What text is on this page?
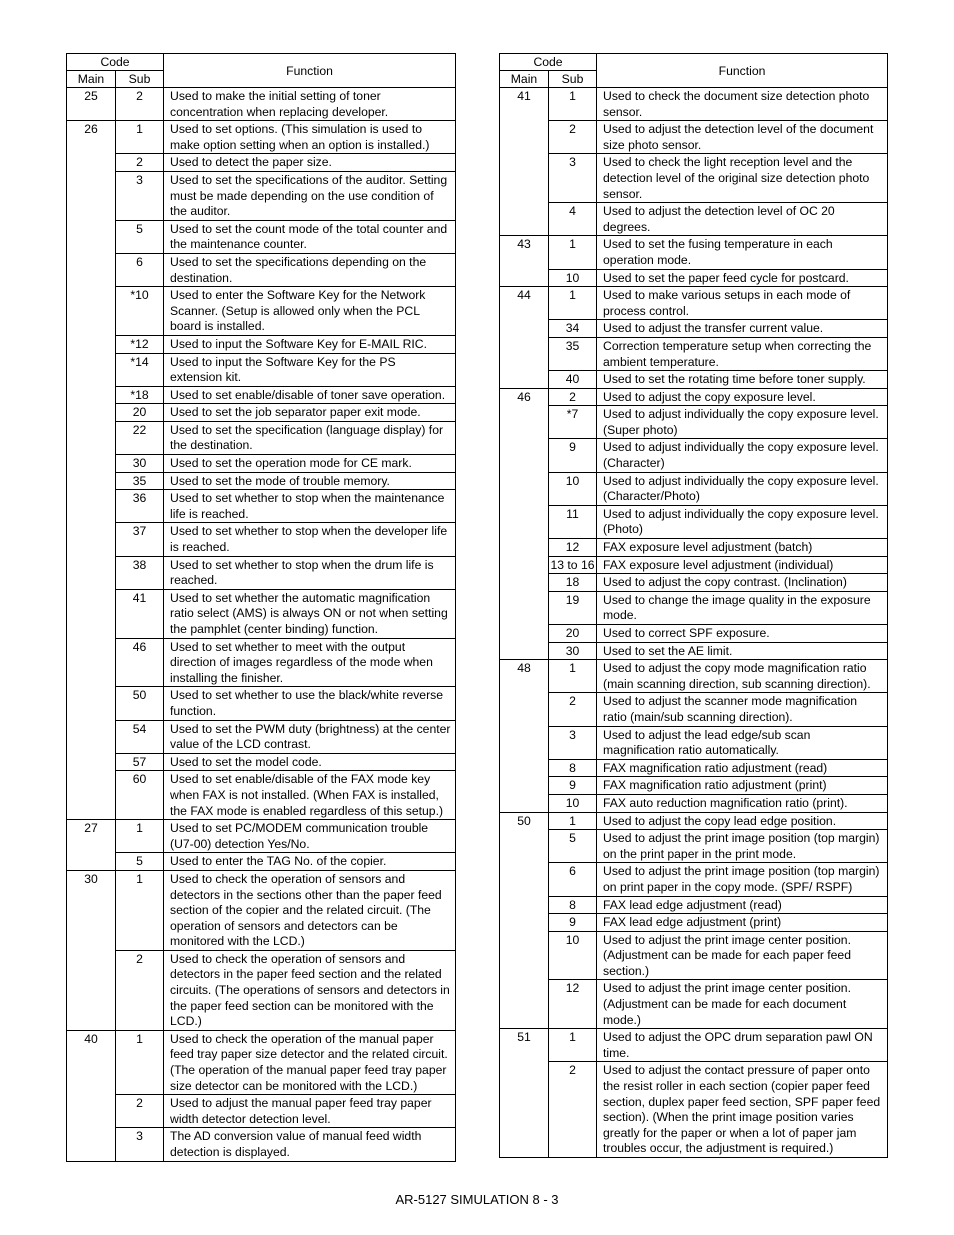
Code		Function
Main	Sub	
25	2	Used to make the initial setting of toner concentration when replacing developer.
26	1	Used to set options. (This simulation is used to make option setting when an option is installed.)
	2	Used to detect the paper size.
	3	Used to set the specifications of the auditor. Setting must be made depending on the use condition of the auditor.
	5	Used to set the count mode of the total counter and the maintenance counter.
	6	Used to set the specifications depending on the destination.
	*10	Used to enter the Software Key for the Network Scanner. (Setup is allowed only when the PCL board is installed.
	*12	Used to input the Software Key for E-MAIL RIC.
	*14	Used to input the Software Key for the PS extension kit.
	*18	Used to set enable/disable of toner save operation.
	20	Used to set the job separator paper exit mode.
	22	Used to set the specification (language display) for the destination.
	30	Used to set the operation mode for CE mark.
	35	Used to set the mode of trouble memory.
	36	Used to set whether to stop when the maintenance life is reached.
	37	Used to set whether to stop when the developer life is reached.
	38	Used to set whether to stop when the drum life is reached.
	41	Used to set whether the automatic magnification ratio select (AMS) is always ON or not when setting the pamphlet (center binding) function.
	46	Used to set whether to meet with the output direction of images regardless of the mode when installing the finisher.
	50	Used to set whether to use the black/white reverse function.
	54	Used to set the PWM duty (brightness) at the center value of the LCD contrast.
	57	Used to set the model code.
	60	Used to set enable/disable of the FAX mode key when FAX is not installed. (When FAX is installed, the FAX mode is enabled regardless of this setup.)
27	1	Used to set PC/MODEM communication trouble (U7-00) detection Yes/No.
	5	Used to enter the TAG No. of the copier.
30	1	Used to check the operation of sensors and detectors in the sections other than the paper feed section of the copier and the related circuit. (The operation of sensors and detectors can be monitored with the LCD.)
	2	Used to check the operation of sensors and detectors in the paper feed section and the related circuits. (The operations of sensors and detectors in the paper feed section can be monitored with the LCD.)
40	1	Used to check the operation of the manual paper feed tray paper size detector and the related circuit. (The operation of the manual paper feed tray paper size detector can be monitored with the LCD.)
	2	Used to adjust the manual paper feed tray paper width detector detection level.
	3	The AD conversion value of manual feed width detection is displayed.
Code		Function
Main	Sub	
41	1	Used to check the document size detection photo sensor.
	2	Used to adjust the detection level of the document size photo sensor.
	3	Used to check the light reception level and the detection level of the original size detection photo sensor.
	4	Used to adjust the detection level of OC 20 degrees.
43	1	Used to set the fusing temperature in each operation mode.
	10	Used to set the paper feed cycle for postcard.
44	1	Used to make various setups in each mode of process control.
	34	Used to adjust the transfer current value.
	35	Correction temperature setup when correcting the ambient temperature.
	40	Used to set the rotating time before toner supply.
46	2	Used to adjust the copy exposure level.
	*7	Used to adjust individually the copy exposure level. (Super photo)
	9	Used to adjust individually the copy exposure level. (Character)
	10	Used to adjust individually the copy exposure level. (Character/Photo)
	11	Used to adjust individually the copy exposure level. (Photo)
	12	FAX exposure level adjustment (batch)
	13 to 16	FAX exposure level adjustment (individual)
	18	Used to adjust the copy contrast. (Inclination)
	19	Used to change the image quality in the exposure mode.
	20	Used to correct SPF exposure.
	30	Used to set the AE limit.
48	1	Used to adjust the copy mode magnification ratio (main scanning direction, sub scanning direction).
	2	Used to adjust the scanner mode magnification ratio (main/sub scanning direction).
	3	Used to adjust the lead edge/sub scan magnification ratio automatically.
	8	FAX magnification ratio adjustment (read)
	9	FAX magnification ratio adjustment (print)
	10	FAX auto reduction magnification ratio (print).
50	1	Used to adjust the copy lead edge position.
	5	Used to adjust the print image position (top margin) on the print paper in the print mode.
	6	Used to adjust the print image position (top margin) on print paper in the copy mode. (SPF/ RSPF)
	8	FAX lead edge adjustment (read)
	9	FAX lead edge adjustment (print)
	10	Used to adjust the print image center position. (Adjustment can be made for each paper feed section.)
	12	Used to adjust the print image center position. (Adjustment can be made for each document mode.)
51	1	Used to adjust the OPC drum separation pawl ON time.
	2	Used to adjust the contact pressure of paper onto the resist roller in each section (copier paper feed section, duplex paper feed section, SPF paper feed section). (When the print image position varies greatly for the paper or when a lot of paper jam troubles occur, the adjustment is required.)
AR-5127 SIMULATION 8 - 3
